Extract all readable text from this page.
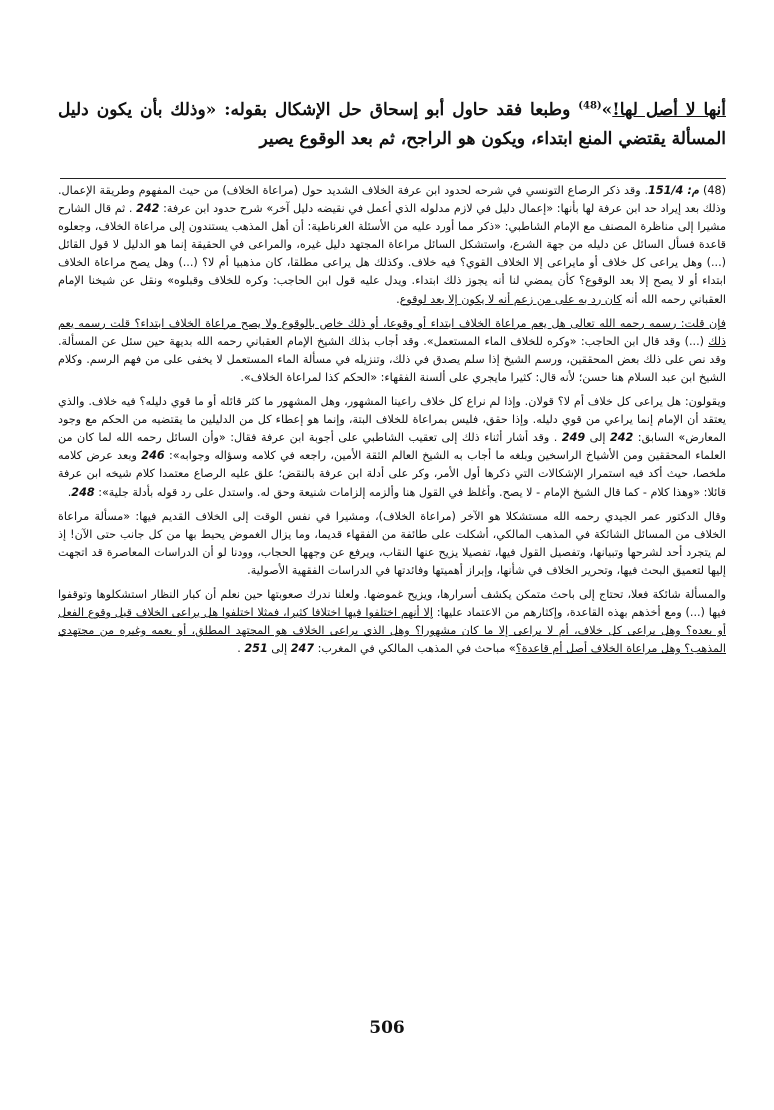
أنها لا أصل لها!»$^{(48)}$ وطبعا فقد حاول أبو إسحاق حل الإشكال بقوله: «وذلك بأن يكون دليل المسألة يقتضي المنع ابتداء، ويكون هو الراجح، ثم بعد الوقوع يصير

(48) م: 151/4. وقد ذكر الرصاع التونسي في شرحه لحدود ابن عرفة الخلاف الشديد حول (مراعاة الخلاف) من حيث المفهوم وطريقة الإعمال. وذلك بعد إيراد حد ابن عرفة لها بأنها: «إعمال دليل في لازم مدلوله الذي أعمل في نقيضه دليل آخر» شرح حدود ابن عرفة: 242 . ثم قال الشارح مشيرا إلى مناظرة المصنف مع الإمام الشاطبي: «ذكر مما أورد عليه من الأسئلة الغرناطية: أن أهل المذهب يستندون إلى مراعاة الخلاف، وجعلوه قاعدة فسأل السائل عن دليله من جهة الشرع، واستشكل السائل مراعاة المجتهد دليل غيره، والمراعى في الحقيقة إنما هو الدليل لا قول القائل (...) وهل يراعى كل خلاف أو مايراعى إلا الخلاف القوي؟ فيه خلاف. وكذلك هل يراعى مطلقا، كان مذهبيا أم لا؟ (...) وهل يصح مراعاة الخلاف ابتداء أو لا يصح إلا بعد الوقوع؟ كأن يمضي لنا أنه يجوز ذلك ابتداء. ويدل عليه قول ابن الحاجب: وكره للخلاف وقبلوه» ونقل عن شيخنا الإمام العقباني رحمه الله أنه كان رد به على من زعم أنه لا يكون إلا بعد لوقوع.

فإن قلت: رسمه رحمه الله تعالى هل يعم مراعاة الخلاف ابتداء أو وقوعا، أو ذلك خاص بالوقوع ولا يصح مراعاة الخلاف ابتداء؟ قلت رسمه يعم ذلك (...) وقد قال ابن الحاجب: «وكره للخلاف الماء المستعمل». وقد أجاب بذلك الشيخ الإمام العقباني رحمه الله بديهة حين سئل عن المسألة. وقد نص على ذلك بعض المحققين، ورسم الشيخ إذا سلم يصدق في ذلك، وتنزيله في مسألة الماء المستعمل لا يخفى على من فهم الرسم. وكلام الشيخ ابن عبد السلام هنا حسن؛ لأنه قال: كثيرا مايجري على ألسنة الفقهاء: «الحكم كذا لمراعاة الخلاف».

ويقولون: هل يراعى كل خلاف أم لا؟ قولان. وإذا لم نراع كل خلاف راعينا المشهور، وهل المشهور ما كثر قائله أو ما قوي دليله؟ فيه خلاف. والذي يعتقد أن الإمام إنما يراعي من قوي دليله. وإذا حقق، فليس بمراعاة للخلاف البتة، وإنما هو إعطاء كل من الدليلين ما يقتضيه من الحكم مع وجود المعارض» السابق: 242 إلى 249 . وقد أشار أثناء ذلك إلى تعقيب الشاطبي على أجوبة ابن عرفة فقال: «وأن السائل رحمه الله لما كان من العلماء المحققين ومن الأشياخ الراسخين وبلغه ما أجاب به الشيخ العالم الثقة الأمين، راجعه في كلامه وسؤاله وجوابه»: 246 وبعد عرض كلامه ملخصا، حيث أكد فيه استمرار الإشكالات التي ذكرها أول الأمر، وكر على أدلة ابن عرفة بالنقض؛ علق عليه الرصاع معتمدا كلام شيخه ابن عرفة قائلا: «وهذا كلام - كما قال الشيخ الإمام - لا يصح. وأغلظ في القول هنا وألزمه إلزامات شنيعة وحق له. واستدل على رد قوله بأدلة جلية»: 248.

وقال الدكتور عمر الجيدي رحمه الله مستشكلا هو الآخر (مراعاة الخلاف)، ومشيرا في نفس الوقت إلى الخلاف القديم فيها: «مسألة مراعاة الخلاف من المسائل الشائكة في المذهب المالكي، أشكلت على طائفة من الفقهاء قديما، وما يزال الغموض يحيط بها من كل جانب حتى الآن! إذ لم يتجرد أحد لشرحها وتبيانها، وتفصيل القول فيها، تفصيلا يزيح عنها النقاب، ويرفع عن وجهها الحجاب، وودنا لو أن الدراسات المعاصرة قد اتجهت إليها لتعميق البحث فيها، وتحرير الخلاف في شأنها، وإبراز أهميتها وفائدتها في الدراسات الفقهية الأصولية.

والمسألة شائكة فعلا، تحتاج إلى باحث متمكن يكشف أسرارها، ويزيح غموضها. ولعلنا ندرك صعوبتها حين نعلم أن كبار النظار استشكلوها وتوقفوا فيها (...) ومع أخذهم بهذه القاعدة، وإكثارهم من الاعتماد عليها: إلا أنهم اختلفوا فيها اختلافا كثيرا، فمثلا اختلفوا هل يراعى الخلاف قبل وقوع الفعل أو بعده؟ وهل يراعى كل خلاف، أم لا يراعى إلا ما كان مشهورا؟ وهل الذي يراعى الخلاف هو المجتهد المطلق، أو يعمه وغيره من مجتهدي المذهب؟ وهل مراعاة الخلاف أصل أم قاعدة؟» مباحث في المذهب المالكي في المغرب: 247 إلى 251 .

506
